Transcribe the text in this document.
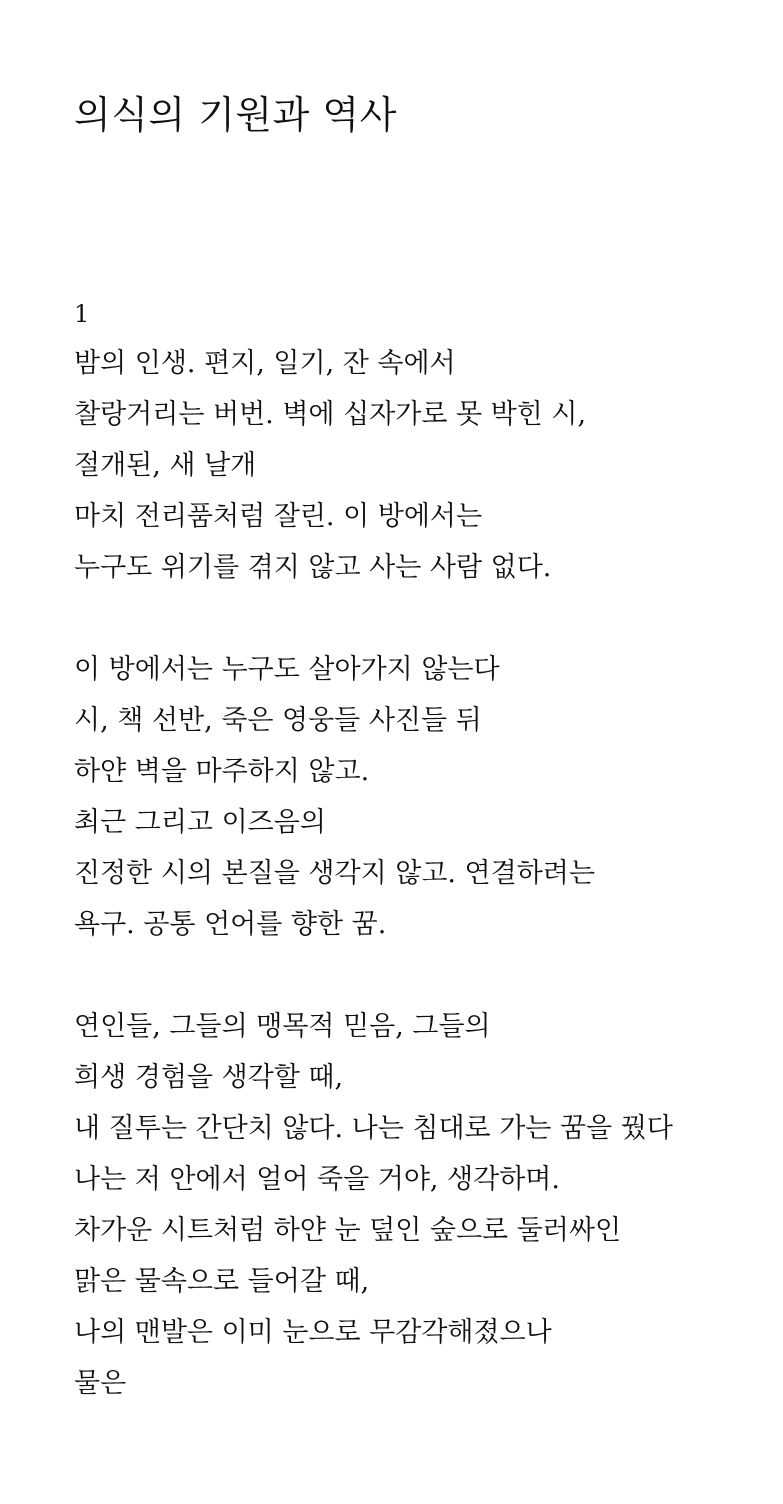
의식의 기원과 역사
1
밤의 인생. 편지, 일기, 잔 속에서
찰랑거리는 버번. 벽에 십자가로 못 박힌 시,
절개된, 새 날개
마치 전리품처럼 잘린. 이 방에서는
누구도 위기를 겪지 않고 사는 사람 없다.
이 방에서는 누구도 살아가지 않는다
시, 책 선반, 죽은 영웅들 사진들 뒤
하얀 벽을 마주하지 않고.
최근 그리고 이즈음의
진정한 시의 본질을 생각지 않고. 연결하려는
욕구. 공통 언어를 향한 꿈.
연인들, 그들의 맹목적 믿음, 그들의
희생 경험을 생각할 때,
내 질투는 간단치 않다. 나는 침대로 가는 꿈을 꿨다
나는 저 안에서 얼어 죽을 거야, 생각하며.
차가운 시트처럼 하얀 눈 덮인 숲으로 둘러싸인
맑은 물속으로 들어갈 때,
나의 맨발은 이미 눈으로 무감각해졌으나
물은
